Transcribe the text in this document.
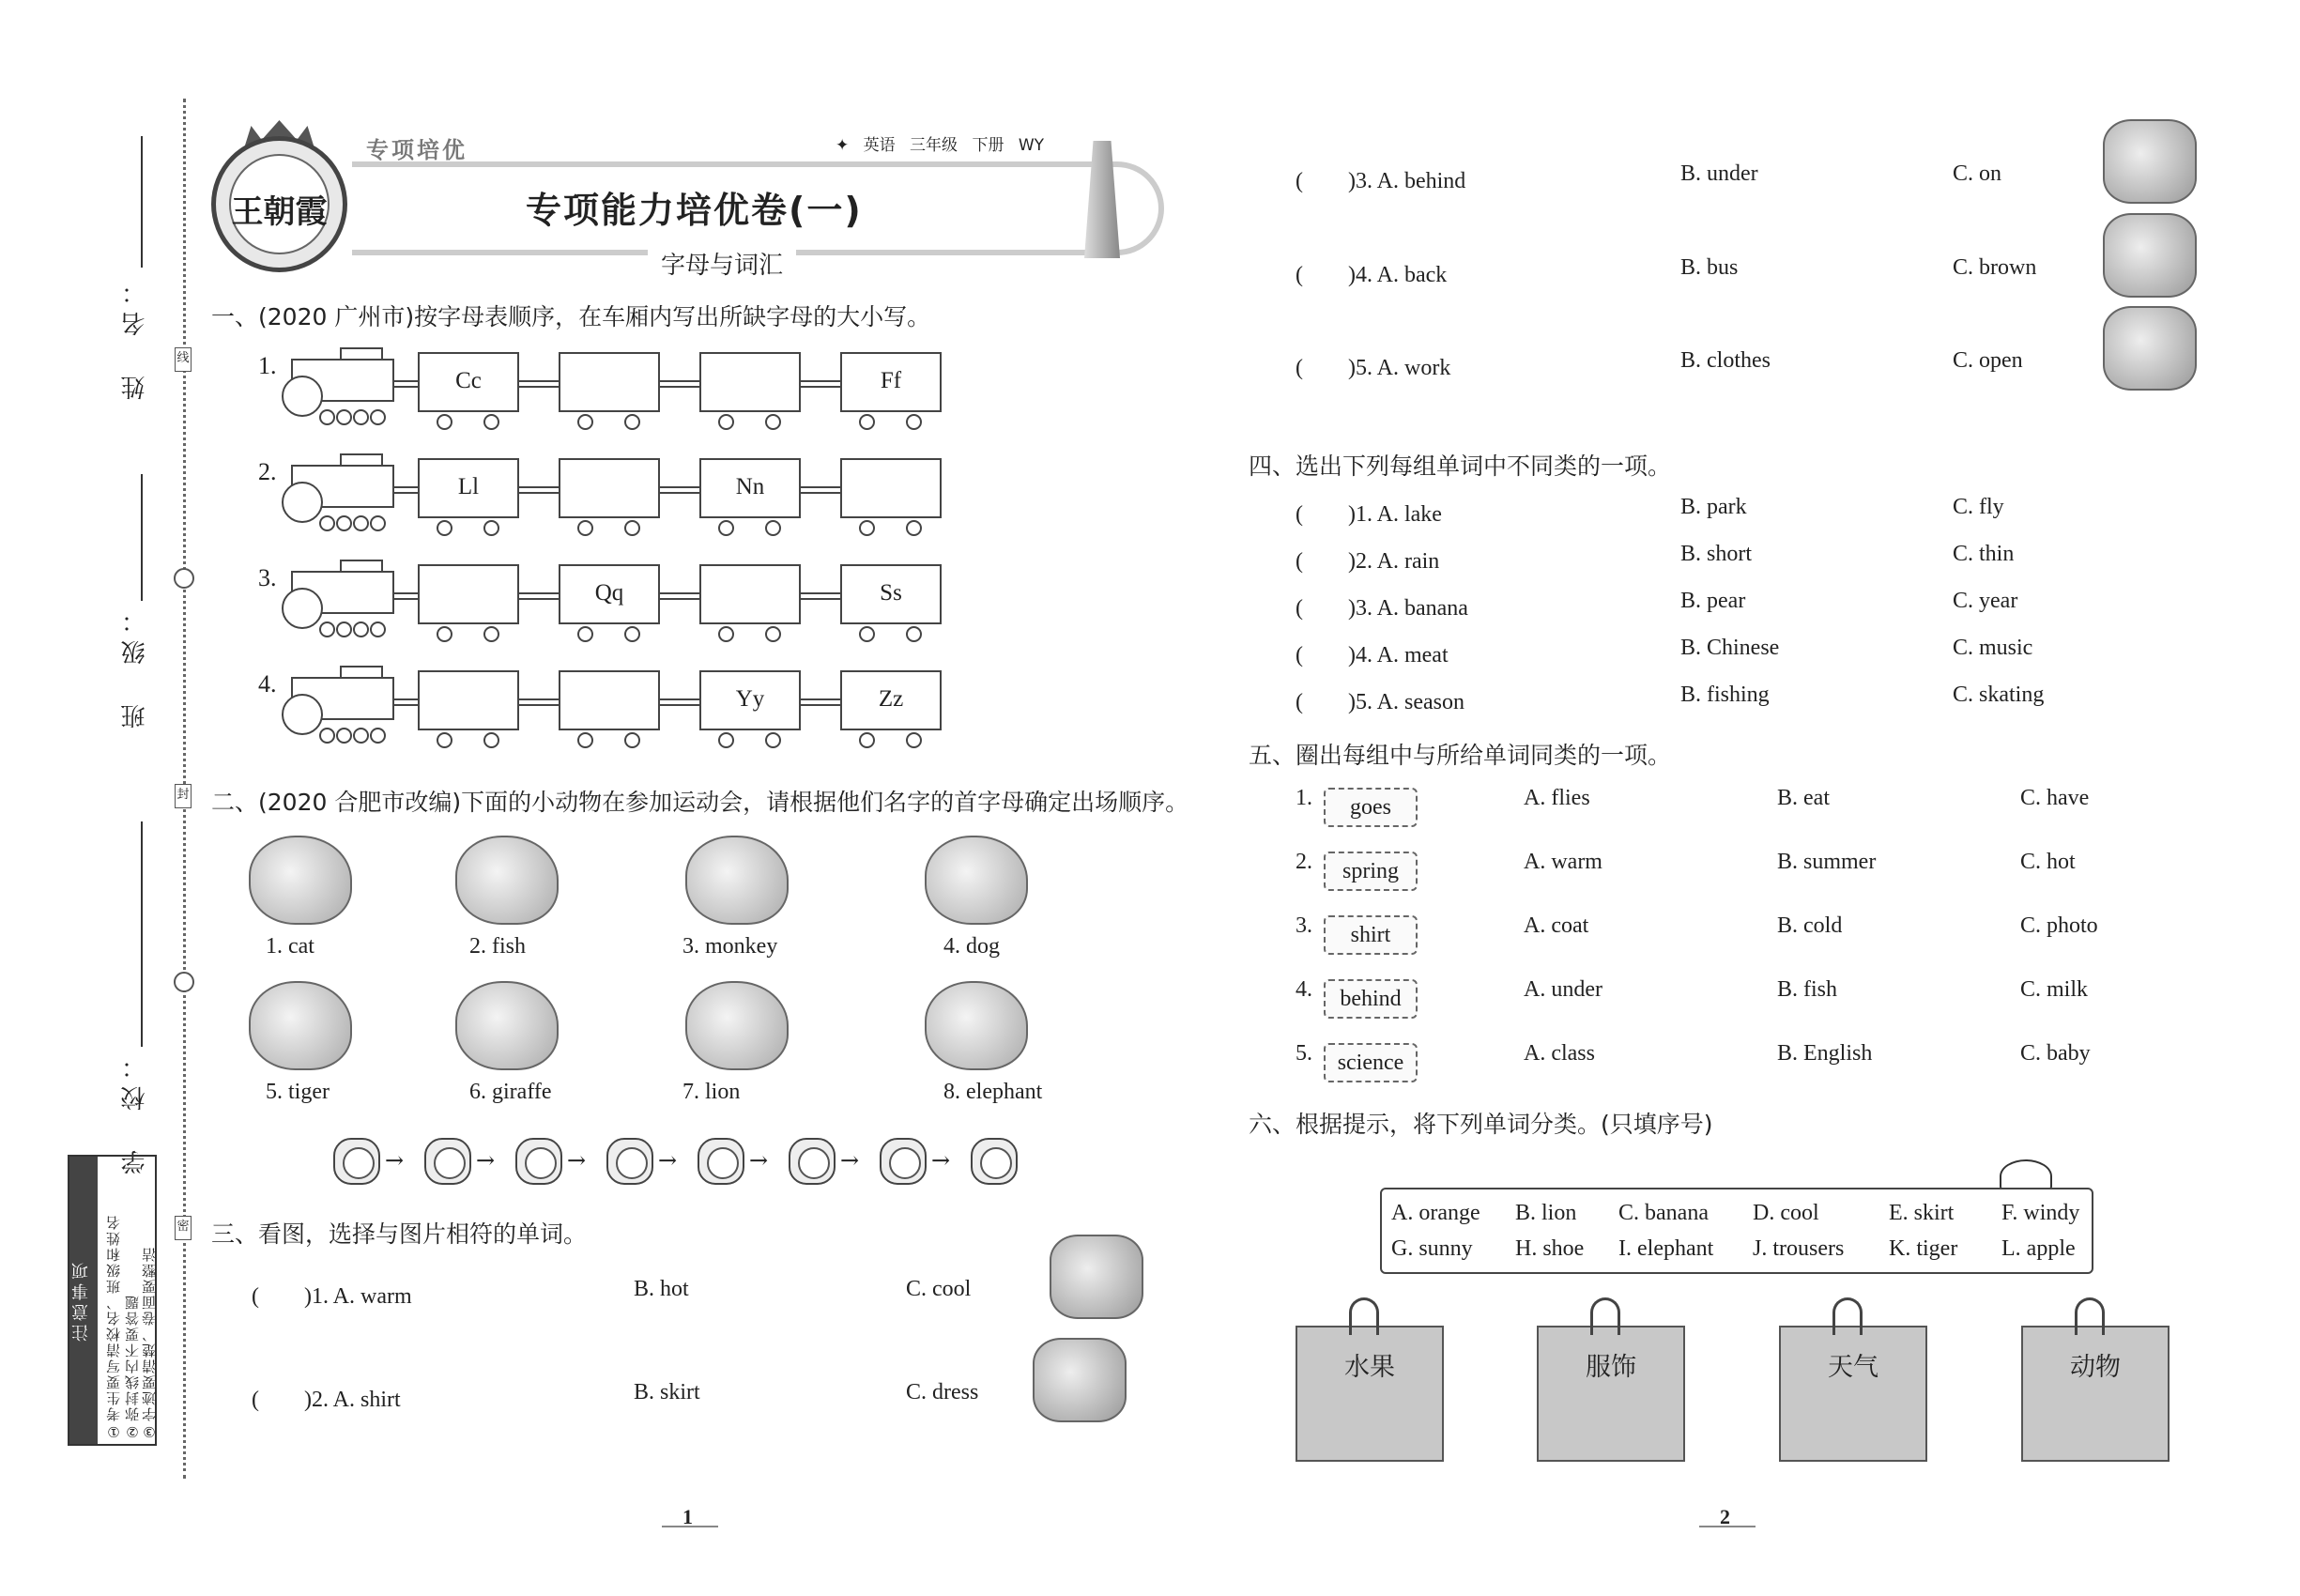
姓　名：
班　级：
学　校：
线
封
密
注意事项	①考生要写清校名、班级和姓名 ②弥封线内不要答题 ③字迹要清楚、卷面要整洁
王朝霞
专项培优	✦ 英语 三年级 下册 WY
专项能力培优卷(一)
字母与词汇
一、(2020 广州市)按字母表顺序，在车厢内写出所缺字母的大小写。
1.
Cc	Ff
2.
Ll	Nn
3.
Qq	Ss
4.
Yy	Zz
二、(2020 合肥市改编)下面的小动物在参加运动会，请根据他们名字的首字母确定出场顺序。
1. cat	2. fish	3. monkey	4. dog
5. tiger	6. giraffe	7. lion	8. elephant
→	→	→	→	→	→	→
三、看图，选择与图片相符的单词。
(　　)1. A. warm	B. hot	C. cool
(　　)2. A. shirt	B. skirt	C. dress
(　　)3. A. behind	B. under	C. on
(　　)4. A. back	B. bus	C. brown
(　　)5. A. work	B. clothes	C. open
四、选出下列每组单词中不同类的一项。
(　　)1. A. lake	B. park	C. fly
(　　)2. A. rain	B. short	C. thin
(　　)3. A. banana	B. pear	C. year
(　　)4. A. meat	B. Chinese	C. music
(　　)5. A. season	B. fishing	C. skating
五、圈出每组中与所给单词同类的一项。
1.	goes	A. flies	B. eat	C. have
2.	spring	A. warm	B. summer	C. hot
3.	shirt	A. coat	B. cold	C. photo
4.	behind	A. under	B. fish	C. milk
5.	science	A. class	B. English	C. baby
六、根据提示，将下列单词分类。(只填序号)
A. orange B. lion C. banana D. cool	E. skirt F. windy
G. sunny H. shoe I. elephant J. trousers K. tiger L. apple
水果	服饰	天气	动物
1	2
